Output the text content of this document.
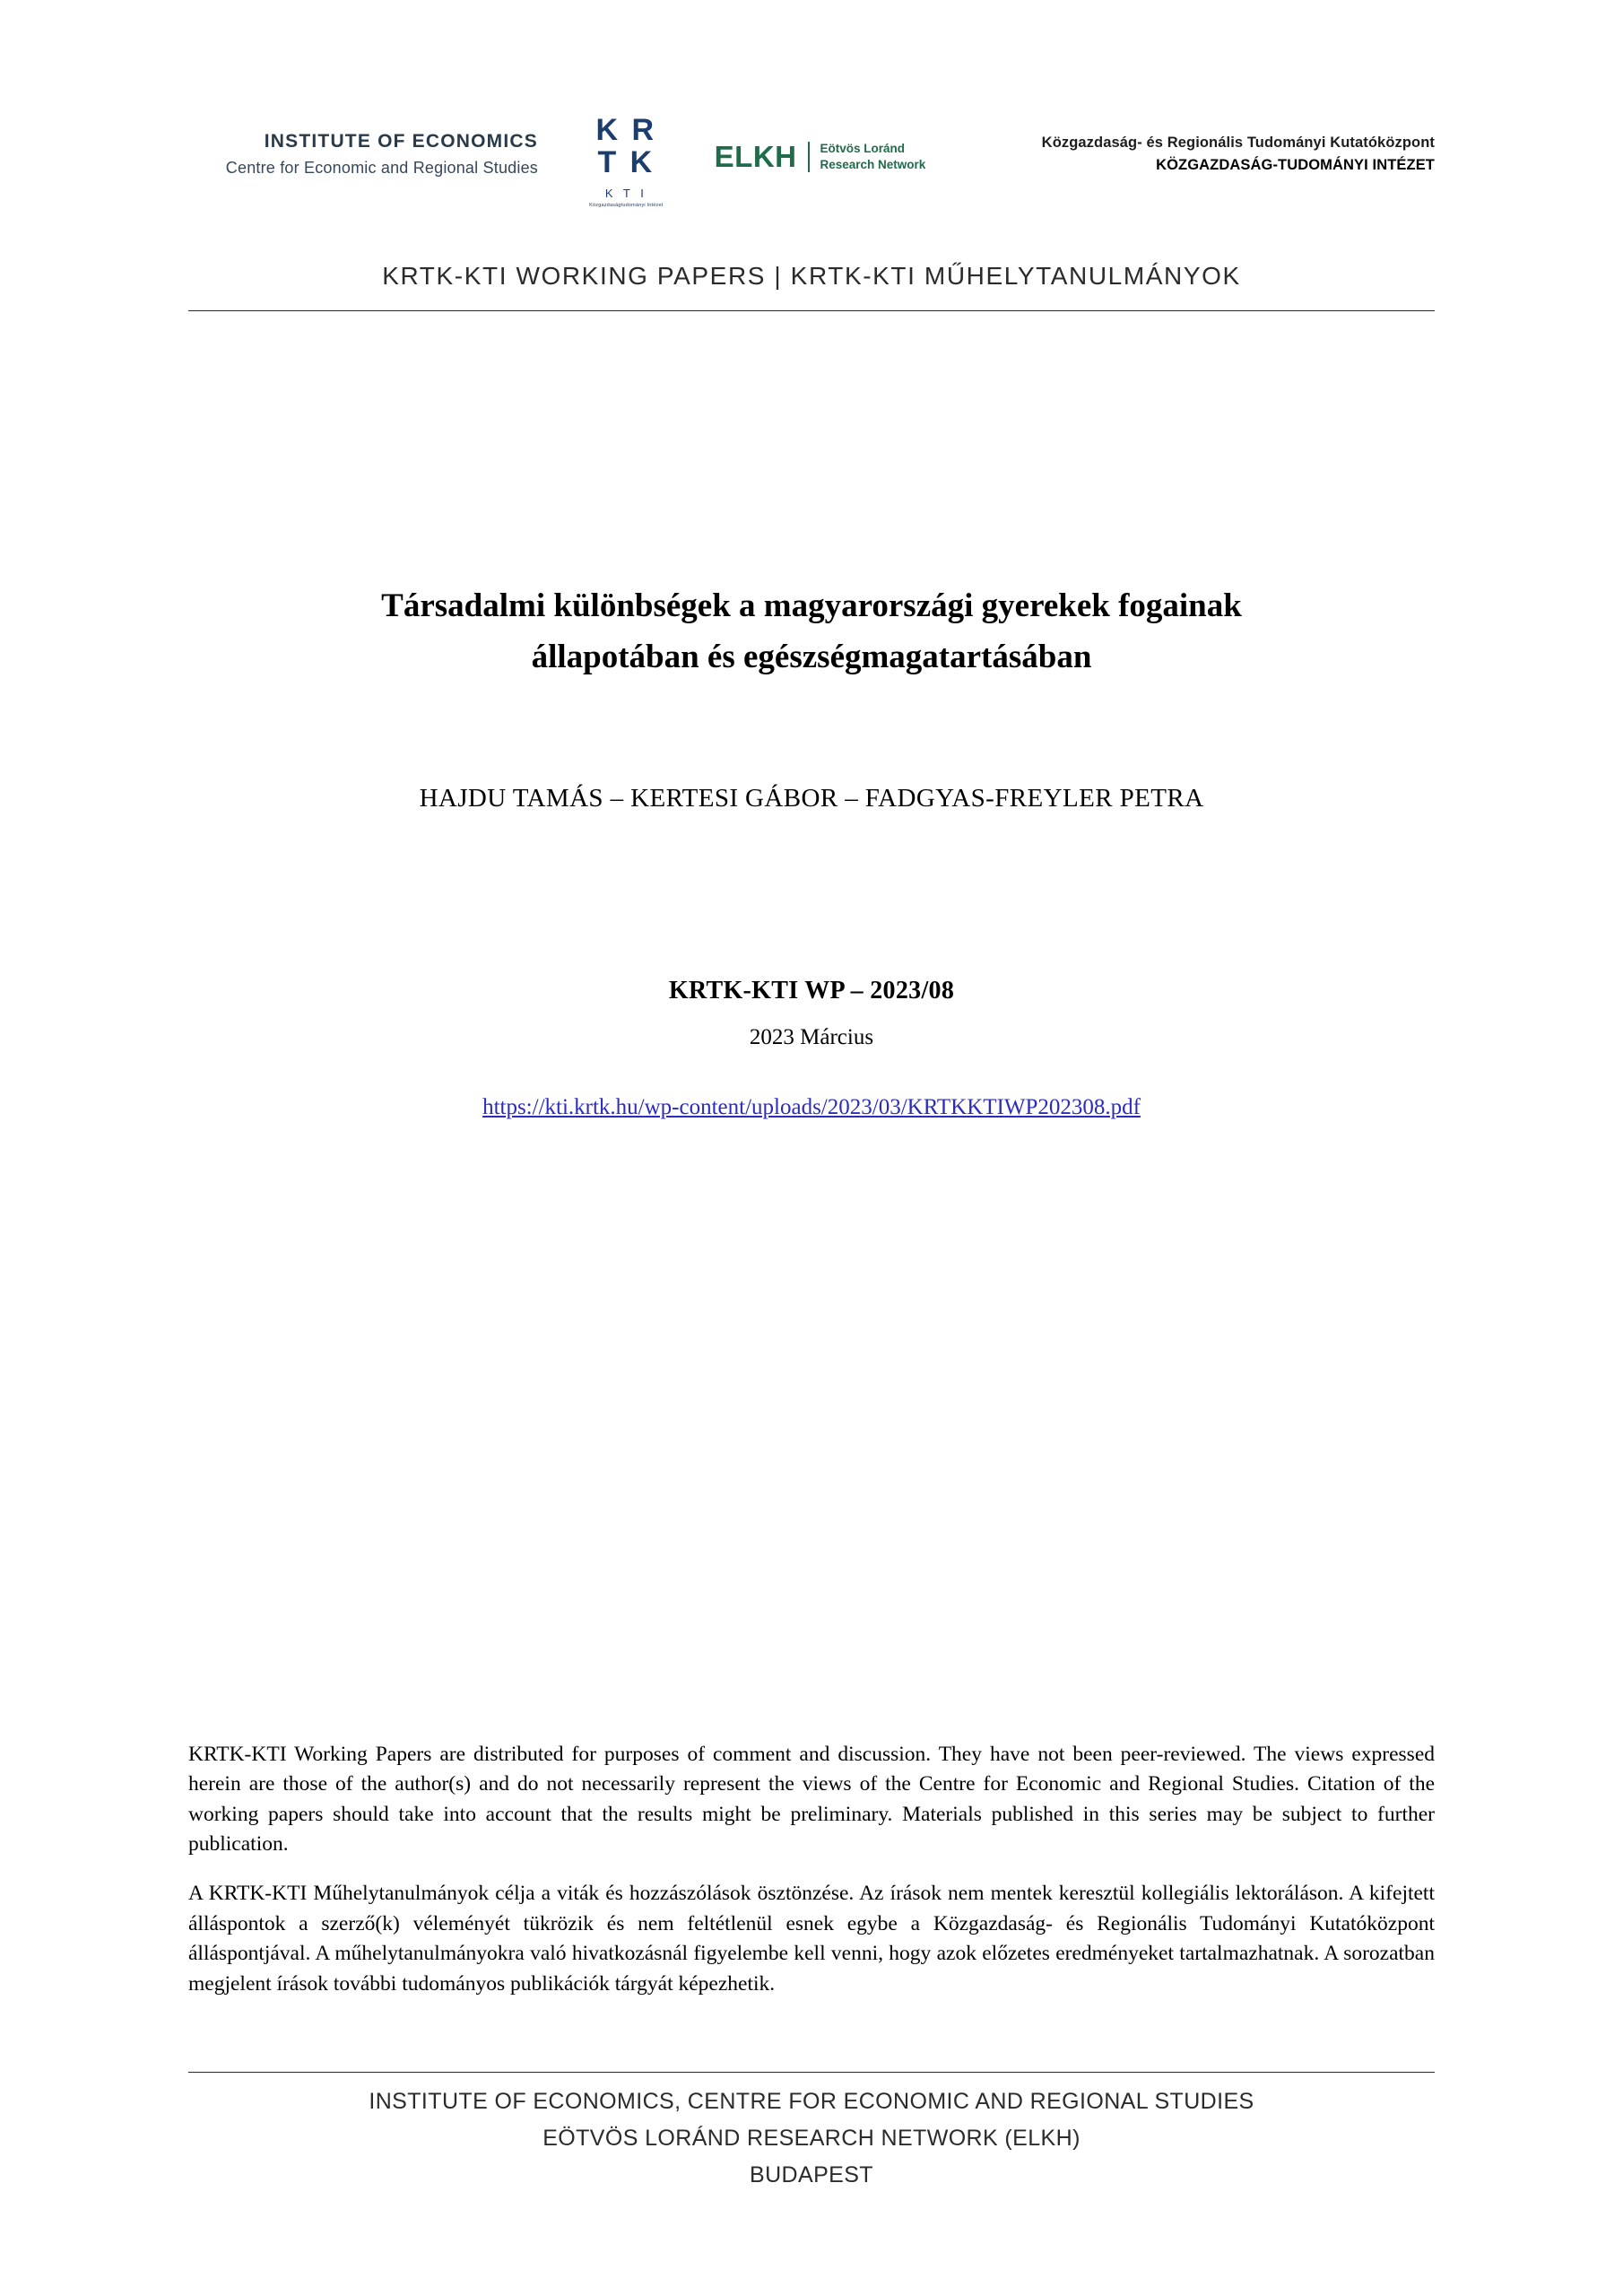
INSTITUTE OF ECONOMICS
Centre for Economic and Regional Studies
K R
T K
K T I
Közgazdaságtudományi Intézet
ELKH Eötvös Loránd
Research Network
Közgazdaság- és Regionális Tudományi Kutatóközpont
KÖZGAZDASÁG-TUDOMÁNYI INTÉZET
KRTK-KTI WORKING PAPERS | KRTK-KTI MŰHELYTANULMÁNYOK
Társadalmi különbségek a magyarországi gyerekek fogainak
állapotában és egészségmagatartásában
HAJDU TAMÁS – KERTESI GÁBOR – FADGYAS-FREYLER PETRA
KRTK-KTI WP – 2023/08
2023 Március
https://kti.krtk.hu/wp-content/uploads/2023/03/KRTKKTIWP202308.pdf

KRTK-KTI Working Papers are distributed for purposes of comment and discussion. They have not been peer-reviewed. The views expressed herein are those of the author(s) and do not necessarily represent the views of the Centre for Economic and Regional Studies. Citation of the working papers should take into account that the results might be preliminary. Materials published in this series may be subject to further publication.

A KRTK-KTI Műhelytanulmányok célja a viták és hozzászólások ösztönzése. Az írások nem mentek keresztül kollegiális lektoráláson. A kifejtett álláspontok a szerző(k) véleményét tükrözik és nem feltétlenül esnek egybe a Közgazdaság- és Regionális Tudományi Kutatóközpont álláspontjával. A műhelytanulmányokra való hivatkozásnál figyelembe kell venni, hogy azok előzetes eredményeket tartalmazhatnak. A sorozatban megjelent írások további tudományos publikációk tárgyát képezhetik.

INSTITUTE OF ECONOMICS, CENTRE FOR ECONOMIC AND REGIONAL STUDIES
EÖTVÖS LORÁND RESEARCH NETWORK (ELKH)
BUDAPEST
